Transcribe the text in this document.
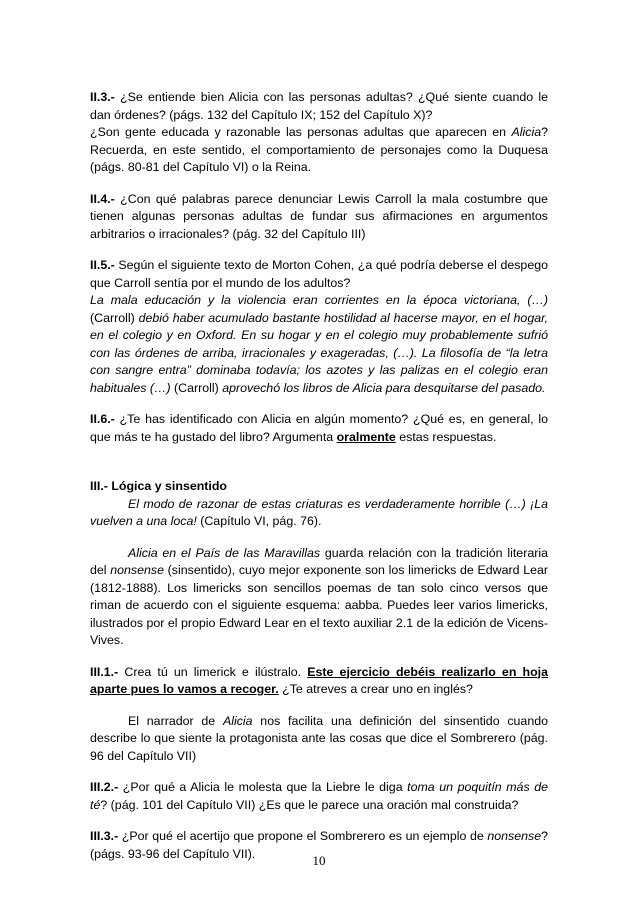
II.3.- ¿Se entiende bien Alicia con las personas adultas? ¿Qué siente cuando le dan órdenes? (págs. 132 del Capítulo IX; 152 del Capítulo X)?
¿Son gente educada y razonable las personas adultas que aparecen en Alicia? Recuerda, en este sentido, el comportamiento de personajes como la Duquesa (págs. 80-81 del Capítulo VI) o la Reina.

II.4.- ¿Con qué palabras parece denunciar Lewis Carroll la mala costumbre que tienen algunas personas adultas de fundar sus afirmaciones en argumentos arbitrarios o irracionales? (pág. 32 del Capítulo III)

II.5.- Según el siguiente texto de Morton Cohen, ¿a qué podría deberse el despego que Carroll sentía por el mundo de los adultos?
La mala educación y la violencia eran corrientes en la época victoriana, (…) (Carroll) debió haber acumulado bastante hostilidad al hacerse mayor, en el hogar, en el colegio y en Oxford. En su hogar y en el colegio muy probablemente sufrió con las órdenes de arriba, irracionales y exageradas, (…). La filosofía de “la letra con sangre entra” dominaba todavía; los azotes y las palizas en el colegio eran habituales (…) (Carroll) aprovechó los libros de Alicia para desquitarse del pasado.

II.6.- ¿Te has identificado con Alicia en algún momento? ¿Qué es, en general, lo que más te ha gustado del libro? Argumenta oralmente estas respuestas.

III.- Lógica y sinsentido

El modo de razonar de estas criaturas es verdaderamente horrible (…) ¡La vuelven a una loca! (Capítulo VI, pág. 76).

Alicia en el País de las Maravillas guarda relación con la tradición literaria del nonsense (sinsentido), cuyo mejor exponente son los limericks de Edward Lear (1812-1888). Los limericks son sencillos poemas de tan solo cinco versos que riman de acuerdo con el siguiente esquema: aabba. Puedes leer varios limericks, ilustrados por el propio Edward Lear en el texto auxiliar 2.1 de la edición de Vicens-Vives.

III.1.- Crea tú un limerick e ilústralo. Este ejercicio debéis realizarlo en hoja aparte pues lo vamos a recoger. ¿Te atreves a crear uno en inglés?

El narrador de Alicia nos facilita una definición del sinsentido cuando describe lo que siente la protagonista ante las cosas que dice el Sombrerero (pág. 96 del Capítulo VII)

III.2.- ¿Por qué a Alicia le molesta que la Liebre le diga toma un poquitín más de té? (pág. 101 del Capítulo VII) ¿Es que le parece una oración mal construida?

III.3.- ¿Por qué el acertijo que propone el Sombrerero es un ejemplo de nonsense? (págs. 93-96 del Capítulo VII).	10
